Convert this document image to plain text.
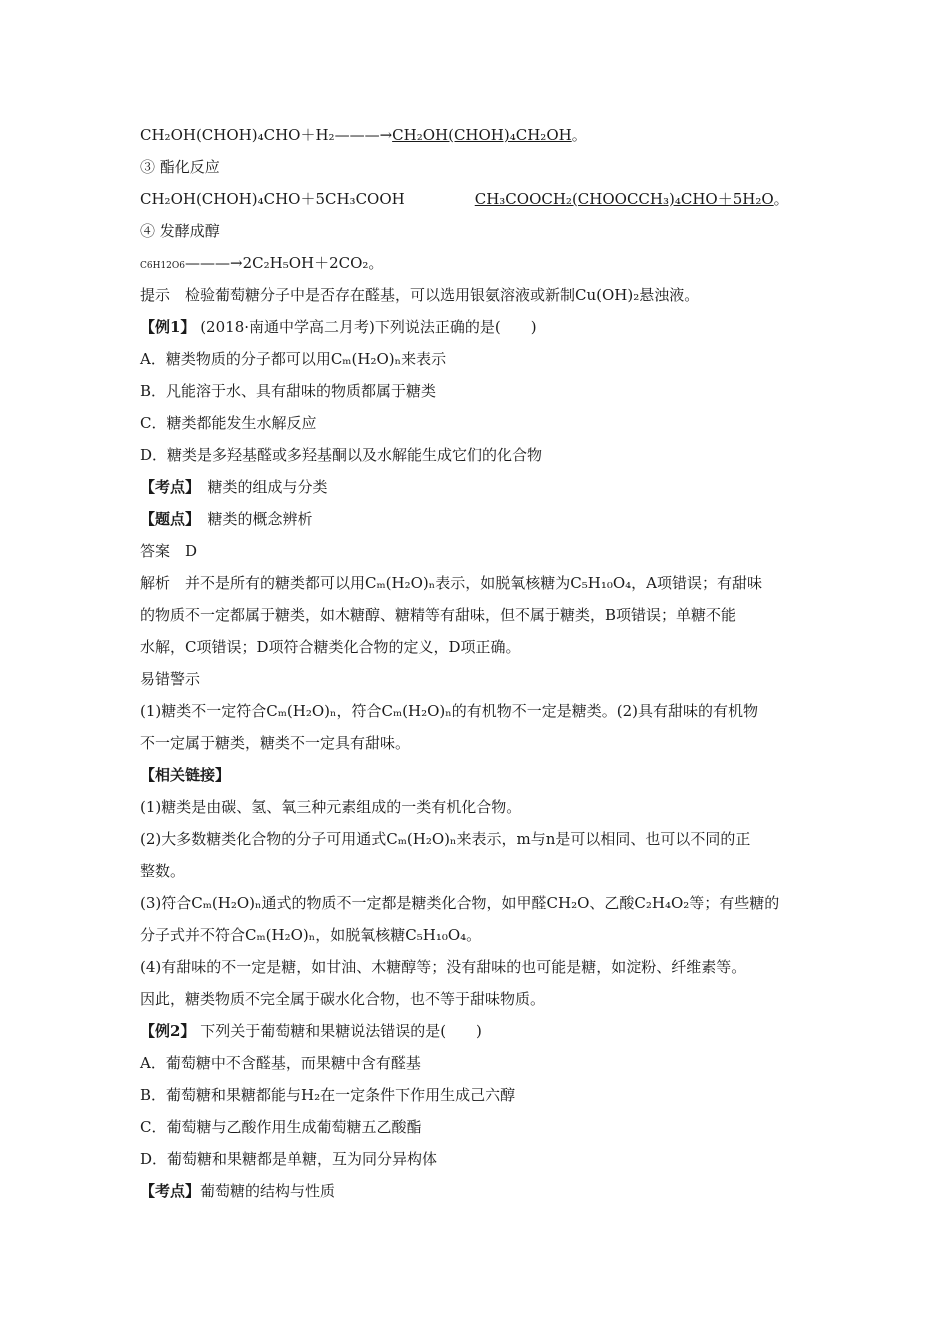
CH₂OH(CHOH)₄CHO＋H₂———→CH₂OH(CHOH)₄CH₂OH。
③ 酯化反应
CH₂OH(CHOH)₄CHO＋5CH₃COOH	CH₃COOCH₂(CHOOCCH₃)₄CHO＋5H₂O。
④ 发酵成醇
C6H12O6———→2C₂H₅OH＋2CO₂。
提示　检验葡萄糖分子中是否存在醛基，可以选用银氨溶液或新制Cu(OH)₂悬浊液。
【例1】 (2018·南通中学高二月考)下列说法正确的是(　　)
A．糖类物质的分子都可以用Cₘ(H₂O)ₙ来表示
B．凡能溶于水、具有甜味的物质都属于糖类
C．糖类都能发生水解反应
D．糖类是多羟基醛或多羟基酮以及水解能生成它们的化合物
【考点】　糖类的组成与分类
【题点】　糖类的概念辨析
答案　D
解析　并不是所有的糖类都可以用Cₘ(H₂O)ₙ表示，如脱氧核糖为C₅H₁₀O₄，A项错误；有甜味
的物质不一定都属于糖类，如木糖醇、糖精等有甜味，但不属于糖类，B项错误；单糖不能
水解，C项错误；D项符合糖类化合物的定义，D项正确。
易错警示
(1)糖类不一定符合Cₘ(H₂O)ₙ，符合Cₘ(H₂O)ₙ的有机物不一定是糖类。(2)具有甜味的有机物
不一定属于糖类，糖类不一定具有甜味。
【相关链接】
(1)糖类是由碳、氢、氧三种元素组成的一类有机化合物。
(2)大多数糖类化合物的分子可用通式Cₘ(H₂O)ₙ来表示，m与n是可以相同、也可以不同的正
整数。
(3)符合Cₘ(H₂O)ₙ通式的物质不一定都是糖类化合物，如甲醛CH₂O、乙酸C₂H₄O₂等；有些糖的
分子式并不符合Cₘ(H₂O)ₙ，如脱氧核糖C₅H₁₀O₄。
(4)有甜味的不一定是糖，如甘油、木糖醇等；没有甜味的也可能是糖，如淀粉、纤维素等。
因此，糖类物质不完全属于碳水化合物，也不等于甜味物质。
【例2】 下列关于葡萄糖和果糖说法错误的是(　　)
A．葡萄糖中不含醛基，而果糖中含有醛基
B．葡萄糖和果糖都能与H₂在一定条件下作用生成己六醇
C．葡萄糖与乙酸作用生成葡萄糖五乙酸酯
D．葡萄糖和果糖都是单糖，互为同分异构体
【考点】葡萄糖的结构与性质
